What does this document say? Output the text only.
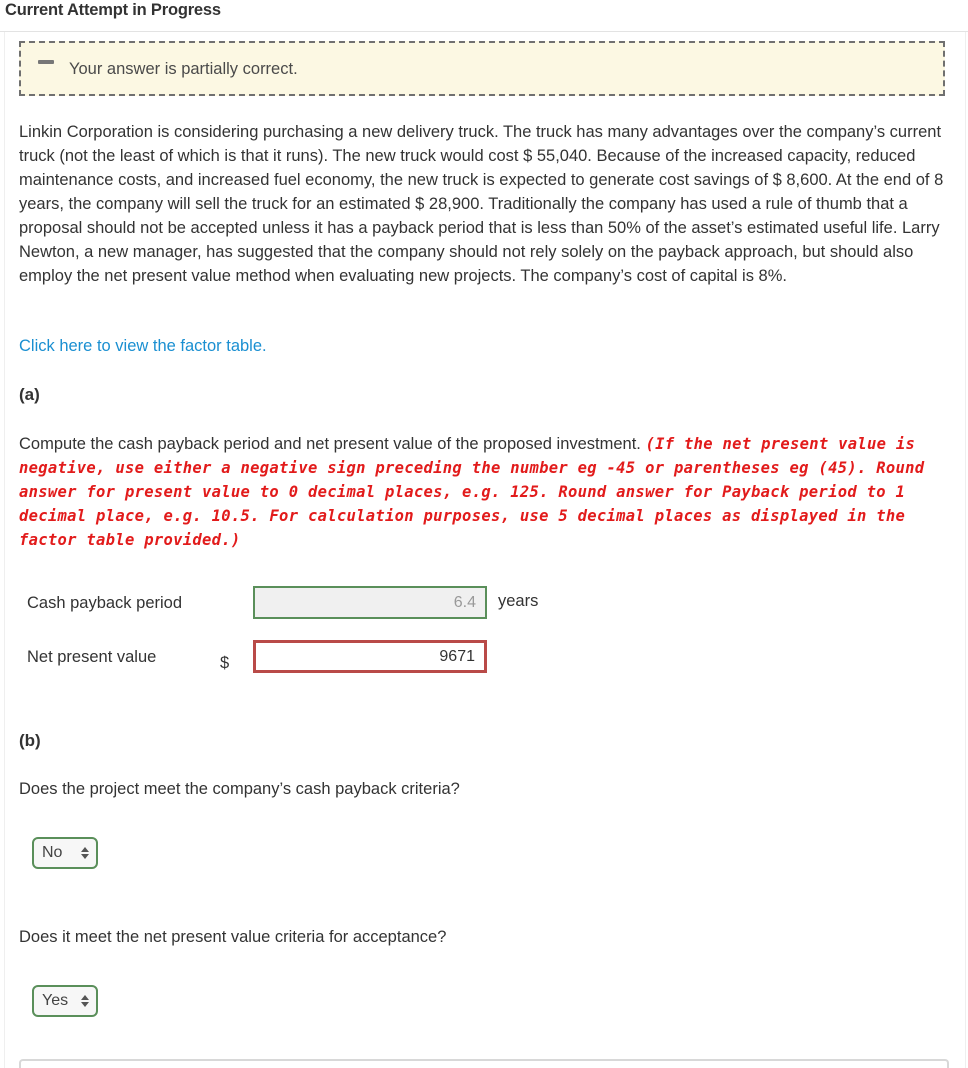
Current Attempt in Progress
Your answer is partially correct.

Linkin Corporation is considering purchasing a new delivery truck. The truck has many advantages over the company’s current truck (not the least of which is that it runs). The new truck would cost $ 55,040. Because of the increased capacity, reduced maintenance costs, and increased fuel economy, the new truck is expected to generate cost savings of $ 8,600. At the end of 8 years, the company will sell the truck for an estimated $ 28,900. Traditionally the company has used a rule of thumb that a proposal should not be accepted unless it has a payback period that is less than 50% of the asset’s estimated useful life. Larry Newton, a new manager, has suggested that the company should not rely solely on the payback approach, but should also employ the net present value method when evaluating new projects. The company’s cost of capital is 8%.

Click here to view the factor table.
(a)

Compute the cash payback period and net present value of the proposed investment. (If the net present value is negative, use either a negative sign preceding the number eg -45 or parentheses eg (45). Round answer for present value to 0 decimal places, e.g. 125. Round answer for Payback period to 1 decimal place, e.g. 10.5. For calculation purposes, use 5 decimal places as displayed in the factor table provided.)

Cash payback period	6.4	years
Net present value	$	9671
(b)
Does the project meet the company’s cash payback criteria?
No
Does it meet the net present value criteria for acceptance?
Yes
